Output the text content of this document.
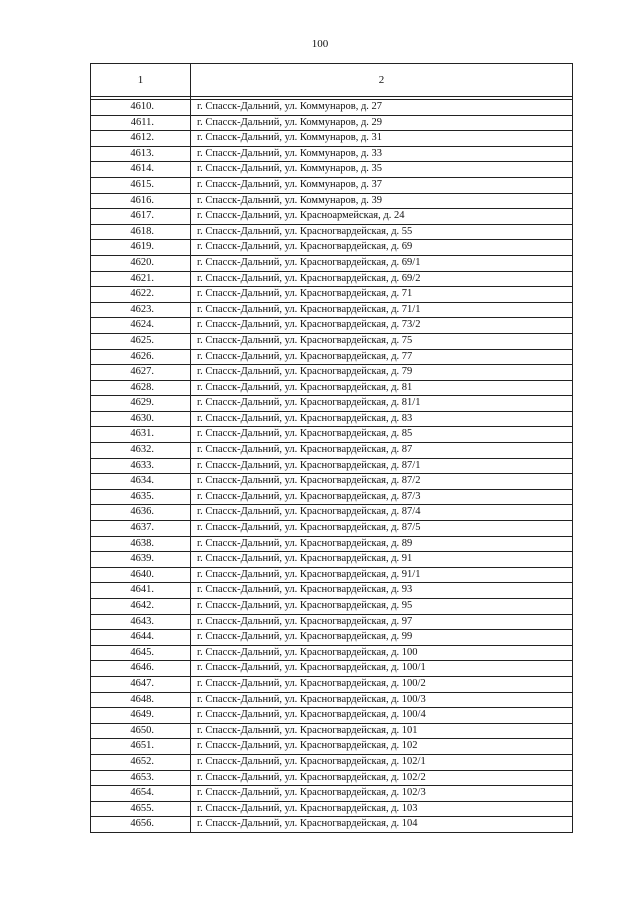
100
1	2

4610.	г. Спасск-Дальний, ул. Коммунаров, д. 27
4611.	г. Спасск-Дальний, ул. Коммунаров, д. 29
4612.	г. Спасск-Дальний, ул. Коммунаров, д. 31
4613.	г. Спасск-Дальний, ул. Коммунаров, д. 33
4614.	г. Спасск-Дальний, ул. Коммунаров, д. 35
4615.	г. Спасск-Дальний, ул. Коммунаров, д. 37
4616.	г. Спасск-Дальний, ул. Коммунаров, д. 39
4617.	г. Спасск-Дальний, ул. Красноармейская, д. 24
4618.	г. Спасск-Дальний, ул. Красногвардейская, д. 55
4619.	г. Спасск-Дальний, ул. Красногвардейская, д. 69
4620.	г. Спасск-Дальний, ул. Красногвардейская, д. 69/1
4621.	г. Спасск-Дальний, ул. Красногвардейская, д. 69/2
4622.	г. Спасск-Дальний, ул. Красногвардейская, д. 71
4623.	г. Спасск-Дальний, ул. Красногвардейская, д. 71/1
4624.	г. Спасск-Дальний, ул. Красногвардейская, д. 73/2
4625.	г. Спасск-Дальний, ул. Красногвардейская, д. 75
4626.	г. Спасск-Дальний, ул. Красногвардейская, д. 77
4627.	г. Спасск-Дальний, ул. Красногвардейская, д. 79
4628.	г. Спасск-Дальний, ул. Красногвардейская, д. 81
4629.	г. Спасск-Дальний, ул. Красногвардейская, д. 81/1
4630.	г. Спасск-Дальний, ул. Красногвардейская, д. 83
4631.	г. Спасск-Дальний, ул. Красногвардейская, д. 85
4632.	г. Спасск-Дальний, ул. Красногвардейская, д. 87
4633.	г. Спасск-Дальний, ул. Красногвардейская, д. 87/1
4634.	г. Спасск-Дальний, ул. Красногвардейская, д. 87/2
4635.	г. Спасск-Дальний, ул. Красногвардейская, д. 87/3
4636.	г. Спасск-Дальний, ул. Красногвардейская, д. 87/4
4637.	г. Спасск-Дальний, ул. Красногвардейская, д. 87/5
4638.	г. Спасск-Дальний, ул. Красногвардейская, д. 89
4639.	г. Спасск-Дальний, ул. Красногвардейская, д. 91
4640.	г. Спасск-Дальний, ул. Красногвардейская, д. 91/1
4641.	г. Спасск-Дальний, ул. Красногвардейская, д. 93
4642.	г. Спасск-Дальний, ул. Красногвардейская, д. 95
4643.	г. Спасск-Дальний, ул. Красногвардейская, д. 97
4644.	г. Спасск-Дальний, ул. Красногвардейская, д. 99
4645.	г. Спасск-Дальний, ул. Красногвардейская, д. 100
4646.	г. Спасск-Дальний, ул. Красногвардейская, д. 100/1
4647.	г. Спасск-Дальний, ул. Красногвардейская, д. 100/2
4648.	г. Спасск-Дальний, ул. Красногвардейская, д. 100/3
4649.	г. Спасск-Дальний, ул. Красногвардейская, д. 100/4
4650.	г. Спасск-Дальний, ул. Красногвардейская, д. 101
4651.	г. Спасск-Дальний, ул. Красногвардейская, д. 102
4652.	г. Спасск-Дальний, ул. Красногвардейская, д. 102/1
4653.	г. Спасск-Дальний, ул. Красногвардейская, д. 102/2
4654.	г. Спасск-Дальний, ул. Красногвардейская, д. 102/3
4655.	г. Спасск-Дальний, ул. Красногвардейская, д. 103
4656.	г. Спасск-Дальний, ул. Красногвардейская, д. 104
